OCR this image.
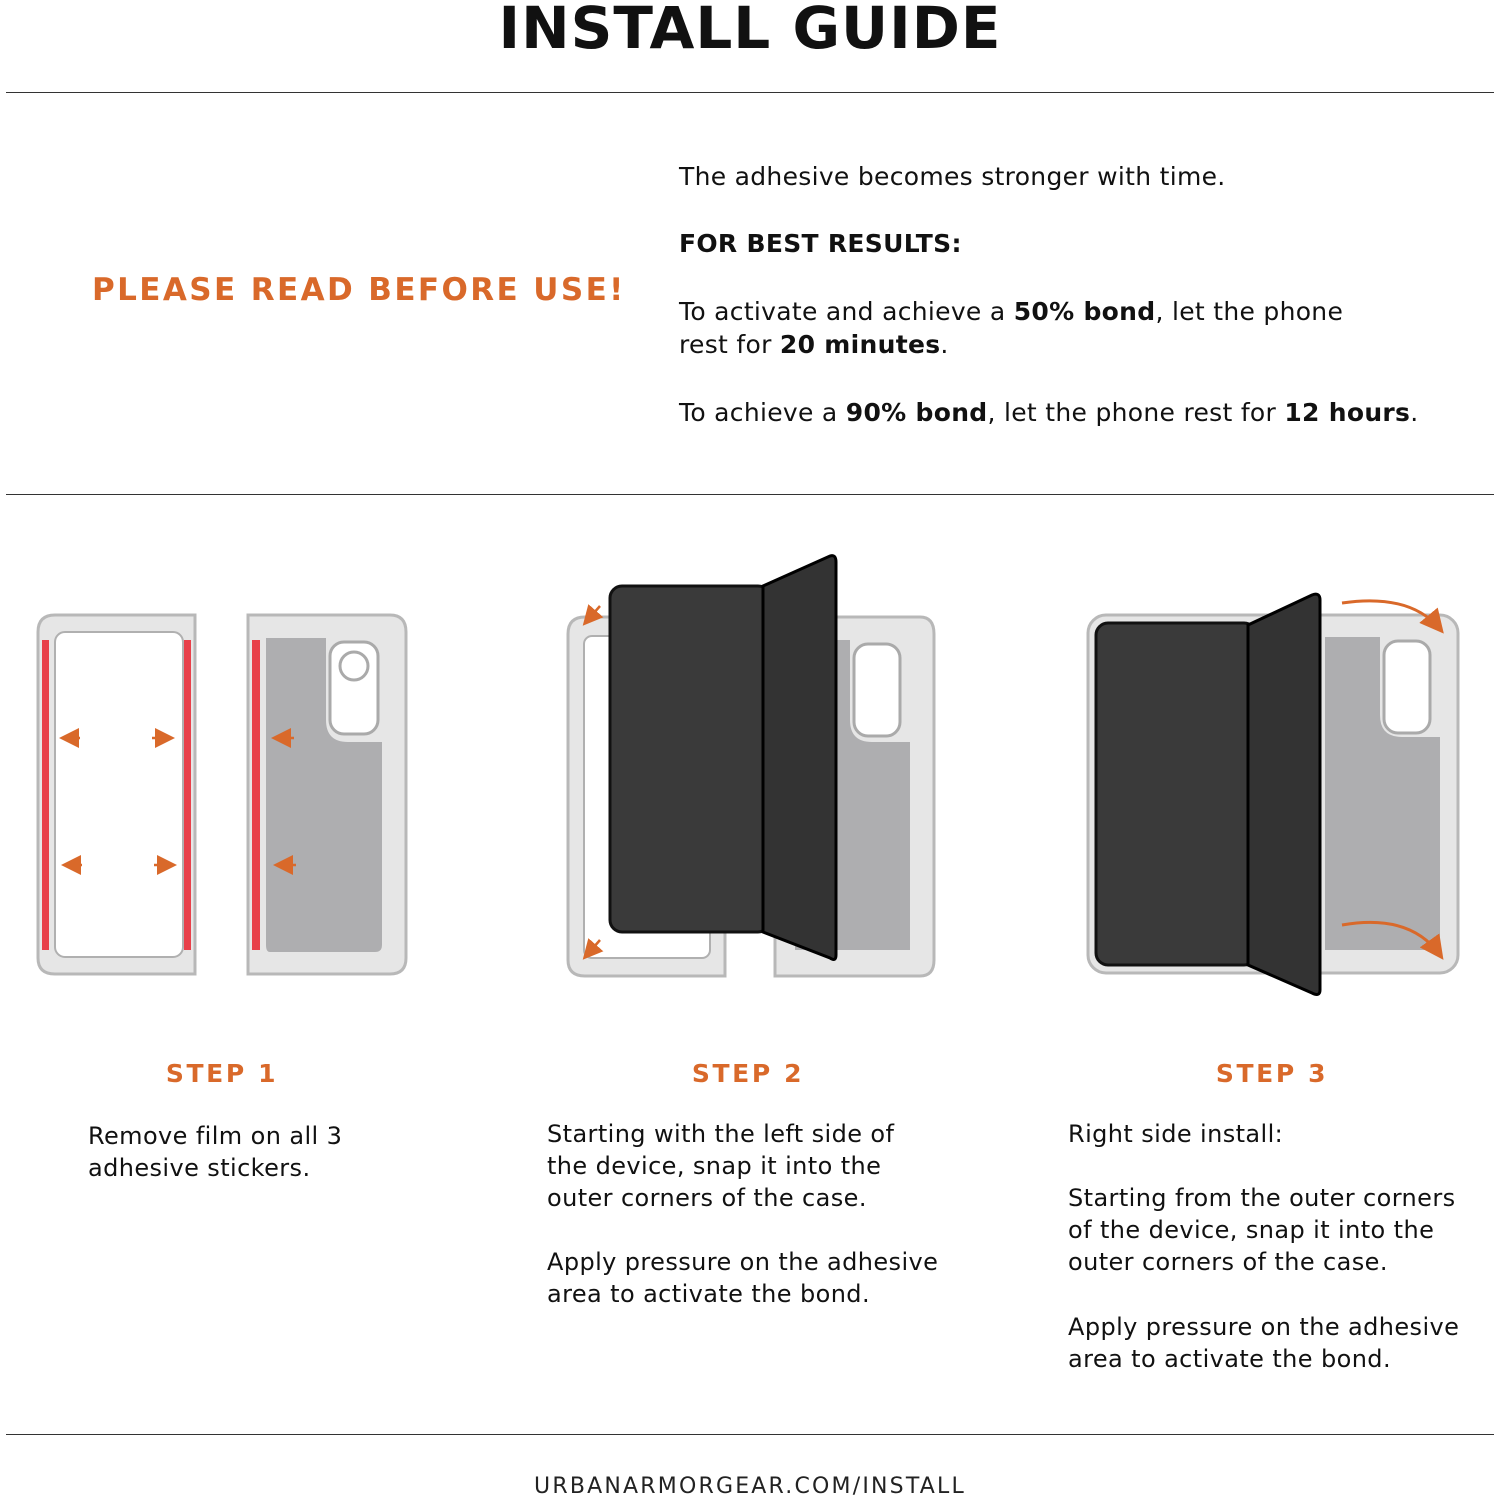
INSTALL GUIDE
PLEASE READ BEFORE USE!

The adhesive becomes stronger with time.

FOR BEST RESULTS:

To activate and achieve a 50% bond, let the phone
rest for 20 minutes.

To achieve a 90% bond, let the phone rest for 12 hours.

STEP 1

Remove film on all 3
adhesive stickers.

STEP 2

Starting with the left side of
the device, snap it into the
outer corners of the case.

Apply pressure on the adhesive
area to activate the bond.

STEP 3

Right side install:

Starting from the outer corners
of the device, snap it into the
outer corners of the case.

Apply pressure on the adhesive
area to activate the bond.

URBANARMORGEAR.COM/INSTALL
